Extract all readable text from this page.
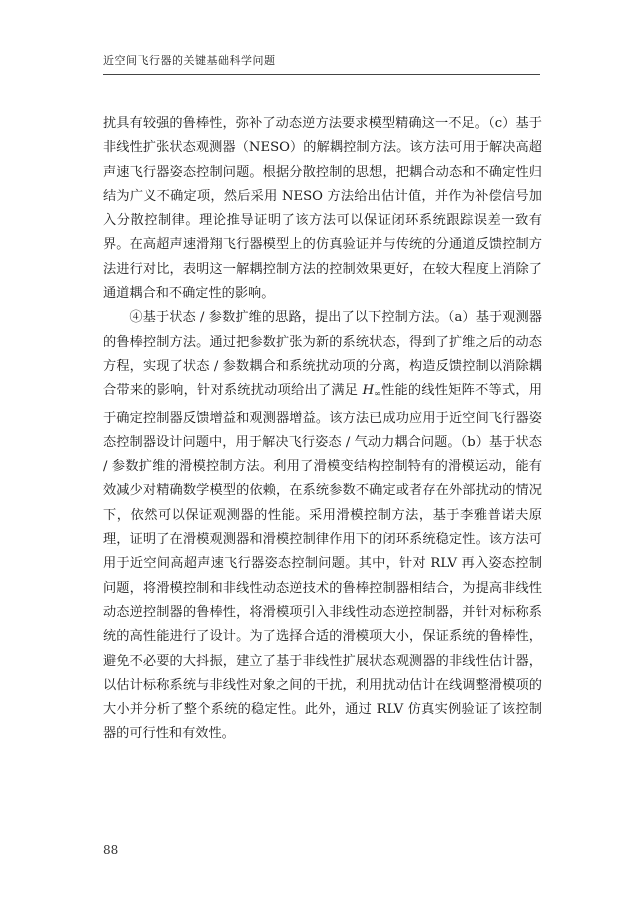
近空间飞行器的关键基础科学问题

扰具有较强的鲁棒性，弥补了动态逆方法要求模型精确这一不足。（c）基于非线性扩张状态观测器（NESO）的解耦控制方法。该方法可用于解决高超声速飞行器姿态控制问题。根据分散控制的思想，把耦合动态和不确定性归结为广义不确定项，然后采用 NESO 方法给出估计值，并作为补偿信号加入分散控制律。理论推导证明了该方法可以保证闭环系统跟踪误差一致有界。在高超声速滑翔飞行器模型上的仿真验证并与传统的分通道反馈控制方法进行对比，表明这一解耦控制方法的控制效果更好，在较大程度上消除了通道耦合和不确定性的影响。

④基于状态 / 参数扩维的思路，提出了以下控制方法。（a）基于观测器的鲁棒控制方法。通过把参数扩张为新的系统状态，得到了扩维之后的动态方程，实现了状态 / 参数耦合和系统扰动项的分离，构造反馈控制以消除耦合带来的影响，针对系统扰动项给出了满足 $H_\infty$性能的线性矩阵不等式，用于确定控制器反馈增益和观测器增益。该方法已成功应用于近空间飞行器姿态控制器设计问题中，用于解决飞行姿态 / 气动力耦合问题。（b）基于状态 / 参数扩维的滑模控制方法。利用了滑模变结构控制特有的滑模运动，能有效减少对精确数学模型的依赖，在系统参数不确定或者存在外部扰动的情况下，依然可以保证观测器的性能。采用滑模控制方法，基于李雅普诺夫原理，证明了在滑模观测器和滑模控制律作用下的闭环系统稳定性。该方法可用于近空间高超声速飞行器姿态控制问题。其中，针对 RLV 再入姿态控制问题，将滑模控制和非线性动态逆技术的鲁棒控制器相结合，为提高非线性动态逆控制器的鲁棒性，将滑模项引入非线性动态逆控制器，并针对标称系统的高性能进行了设计。为了选择合适的滑模项大小，保证系统的鲁棒性，避免不必要的大抖振，建立了基于非线性扩展状态观测器的非线性估计器，以估计标称系统与非线性对象之间的干扰，利用扰动估计在线调整滑模项的大小并分析了整个系统的稳定性。此外，通过 RLV 仿真实例验证了该控制器的可行性和有效性。

88
